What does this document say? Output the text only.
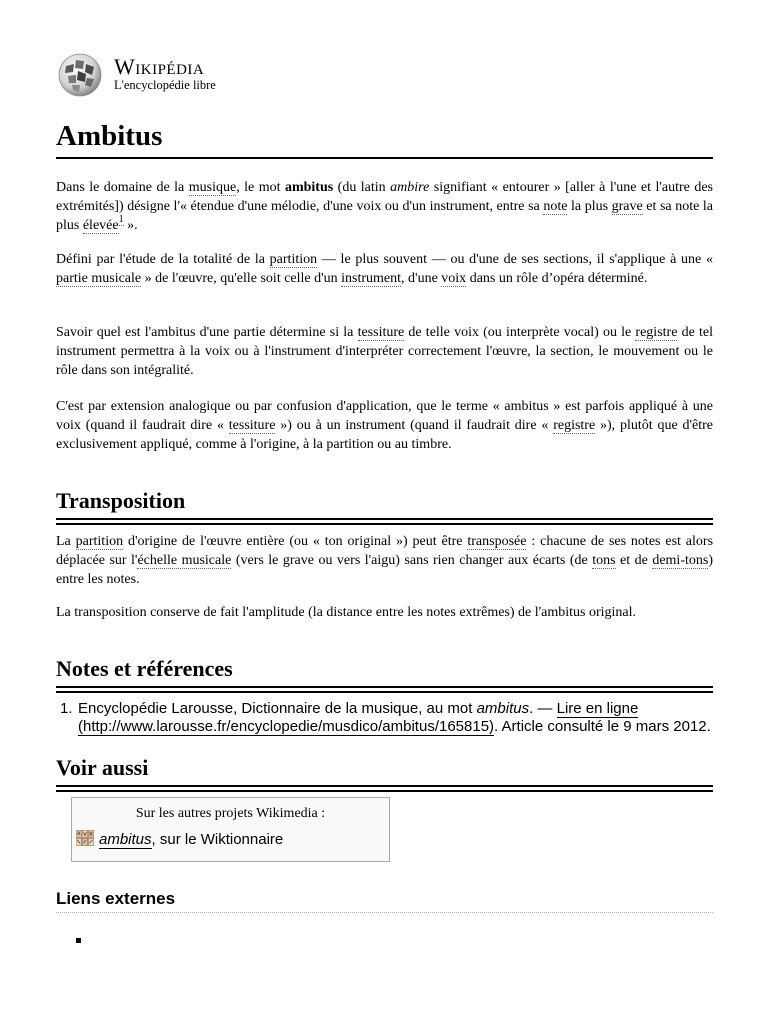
Wikipédia
L'encyclopédie libre
Ambitus

Dans le domaine de la musique, le mot ambitus (du latin ambire signifiant « entourer » [aller à l'une et l'autre des extrémités]) désigne l'« étendue d'une mélodie, d'une voix ou d'un instrument, entre sa note la plus grave et sa note la plus élevée$^1$ ».

Défini par l'étude de la totalité de la partition — le plus souvent — ou d'une de ses sections, il s'applique à une « partie musicale » de l'œuvre, qu'elle soit celle d'un instrument, d'une voix dans un rôle d’opéra déterminé.

Savoir quel est l'ambitus d'une partie détermine si la tessiture de telle voix (ou interprète vocal) ou le registre de tel instrument permettra à la voix ou à l'instrument d'interpréter correctement l'œuvre, la section, le mouvement ou le rôle dans son intégralité.

C'est par extension analogique ou par confusion d'application, que le terme « ambitus » est parfois appliqué à une voix (quand il faudrait dire « tessiture ») ou à un instrument (quand il faudrait dire « registre »), plutôt que d'être exclusivement appliqué, comme à l'origine, à la partition ou au timbre.

Transposition

La partition d'origine de l'œuvre entière (ou « ton original ») peut être transposée : chacune de ses notes est alors déplacée sur l'échelle musicale (vers le grave ou vers l'aigu) sans rien changer aux écarts (de tons et de demi-tons) entre les notes.

La transposition conserve de fait l'amplitude (la distance entre les notes extrêmes) de l'ambitus original.

Notes et références
1. Encyclopédie Larousse, Dictionnaire de la musique, au mot ambitus. — Lire en ligne (http://www.larousse.fr/encyclopedie/musdico/ambitus/165815). Article consulté le 9 mars 2012.
Voir aussi
Sur les autres projets Wikimedia :
ambitus, sur le Wiktionnaire
Liens externes
